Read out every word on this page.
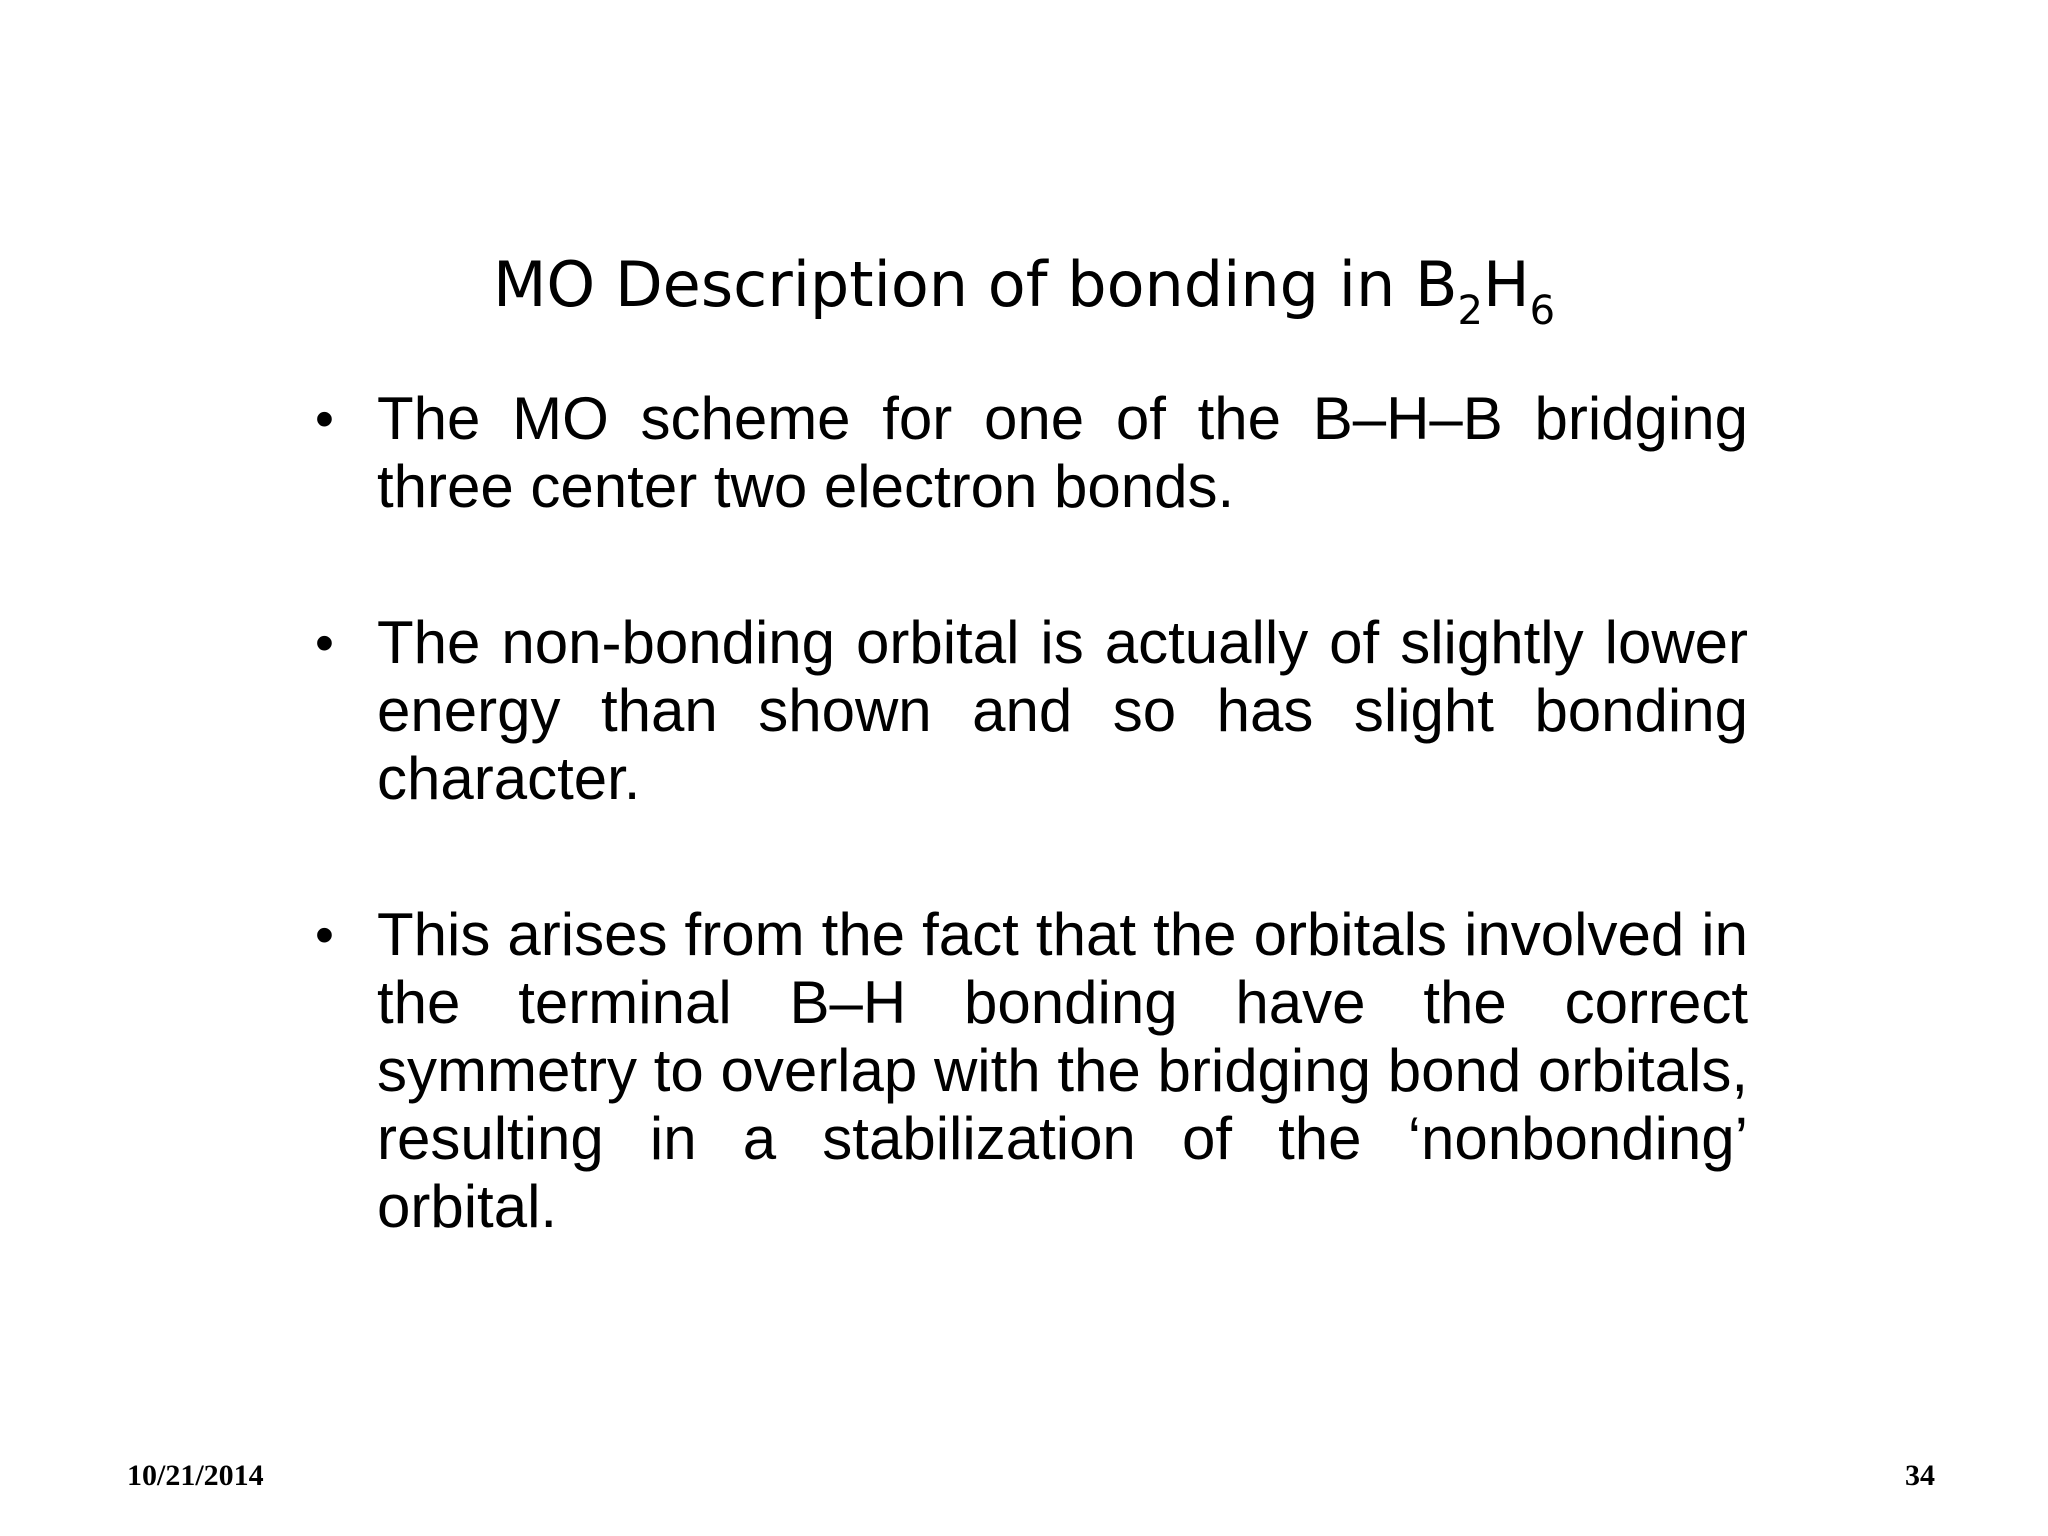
MO Description of bonding in $B_2H_6$
• The MO scheme for one of the B–H–B bridging three center two electron bonds.
• The non-bonding orbital is actually of slightly lower energy than shown and so has slight bonding character.
• This arises from the fact that the orbitals involved in the terminal B–H bonding have the correct symmetry to overlap with the bridging bond orbitals, resulting in a stabilization of the ‘nonbonding’ orbital.
10/21/2014	34
